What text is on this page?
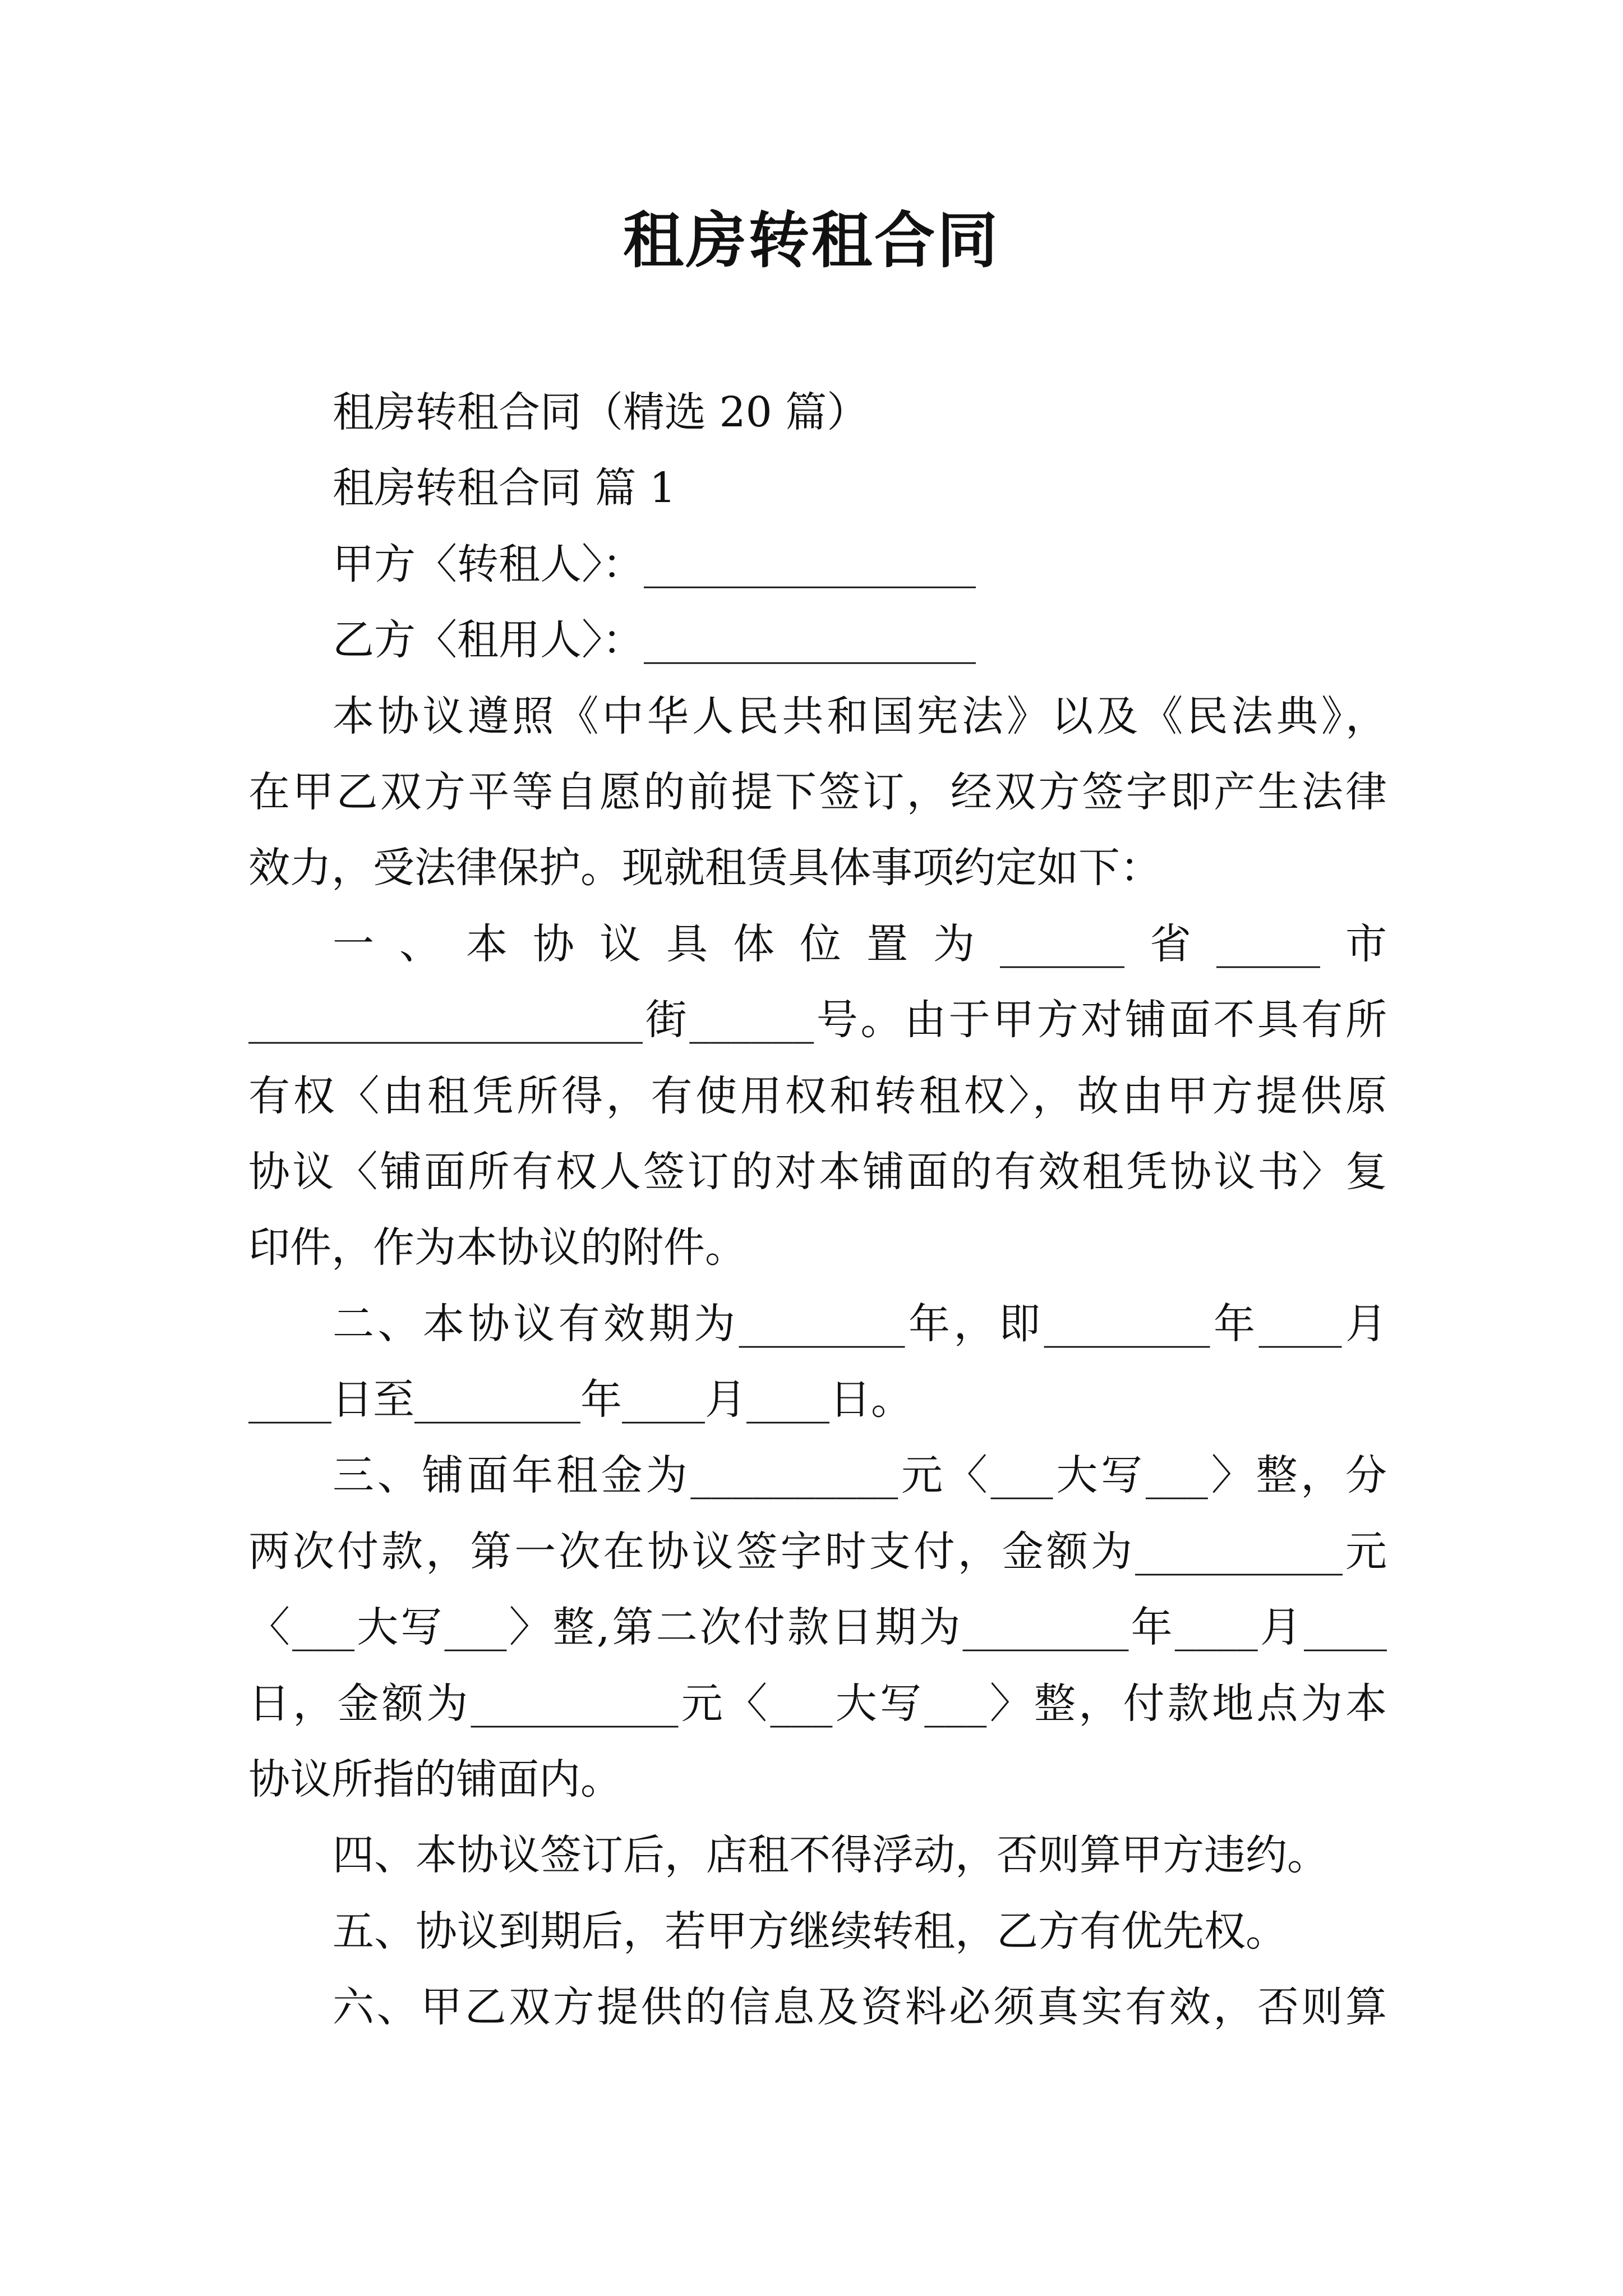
租房转租合同
租房转租合同（精选 20 篇）
租房转租合同 篇 1
甲方〈转租人〉：________________
乙方〈租用人〉：________________
本协议遵照《中华人民共和国宪法》以及《民法典》，
在甲乙双方平等自愿的前提下签订，经双方签字即产生法律
效力，受法律保护。现就租赁具体事项约定如下：
一、本协议具体位置为______省_____市
___________________街______号。由于甲方对铺面不具有所
有权〈由租凭所得，有使用权和转租权〉，故由甲方提供原
协议〈铺面所有权人签订的对本铺面的有效租凭协议书〉复
印件，作为本协议的附件。
二、本协议有效期为________年，即________年____月
____日至________年____月____日。
三、铺面年租金为__________元〈___大写___〉整，分
两次付款，第一次在协议签字时支付，金额为__________元
〈___大写___〉整,第二次付款日期为________年____月____
日，金额为__________元〈___大写___〉整，付款地点为本
协议所指的铺面内。
四、本协议签订后，店租不得浮动，否则算甲方违约。
五、协议到期后，若甲方继续转租，乙方有优先权。
六、甲乙双方提供的信息及资料必须真实有效，否则算
